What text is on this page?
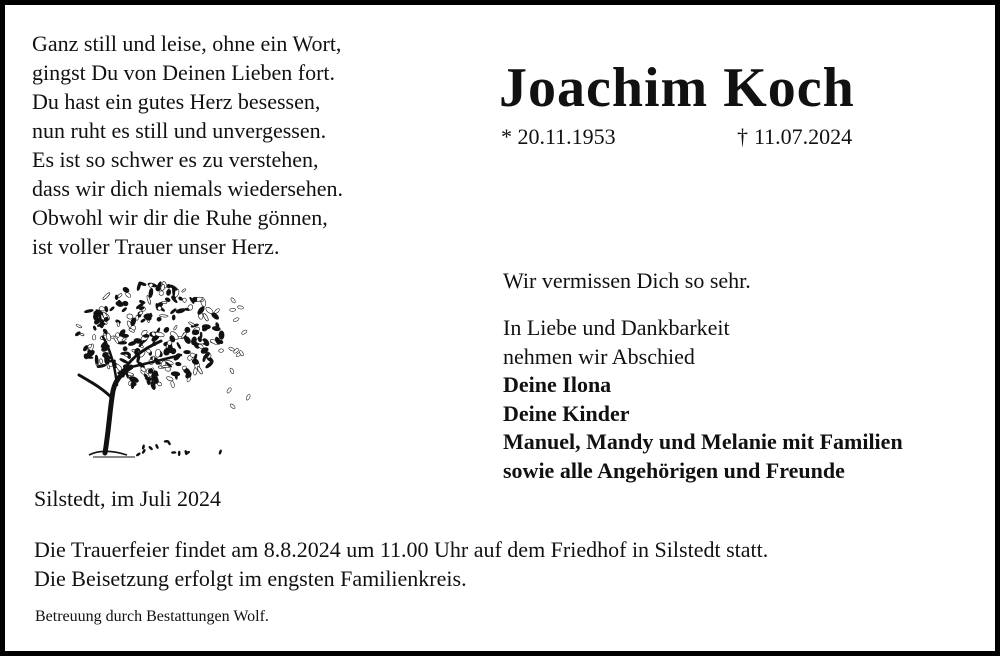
Ganz still und leise, ohne ein Wort,
gingst Du von Deinen Lieben fort.
Du hast ein gutes Herz besessen,
nun ruht es still und unvergessen.
Es ist so schwer es zu verstehen,
dass wir dich niemals wiedersehen.
Obwohl wir dir die Ruhe gönnen,
ist voller Trauer unser Herz.
Joachim Koch
* 20.11.1953	† 11.07.2024
Wir vermissen Dich so sehr.
In Liebe und Dankbarkeit
nehmen wir Abschied
Deine Ilona
Deine Kinder
Manuel, Mandy und Melanie mit Familien
sowie alle Angehörigen und Freunde
Silstedt, im Juli 2024
Die Trauerfeier findet am 8.8.2024 um 11.00 Uhr auf dem Friedhof in Silstedt statt.
Die Beisetzung erfolgt im engsten Familienkreis.
Betreuung durch Bestattungen Wolf.
